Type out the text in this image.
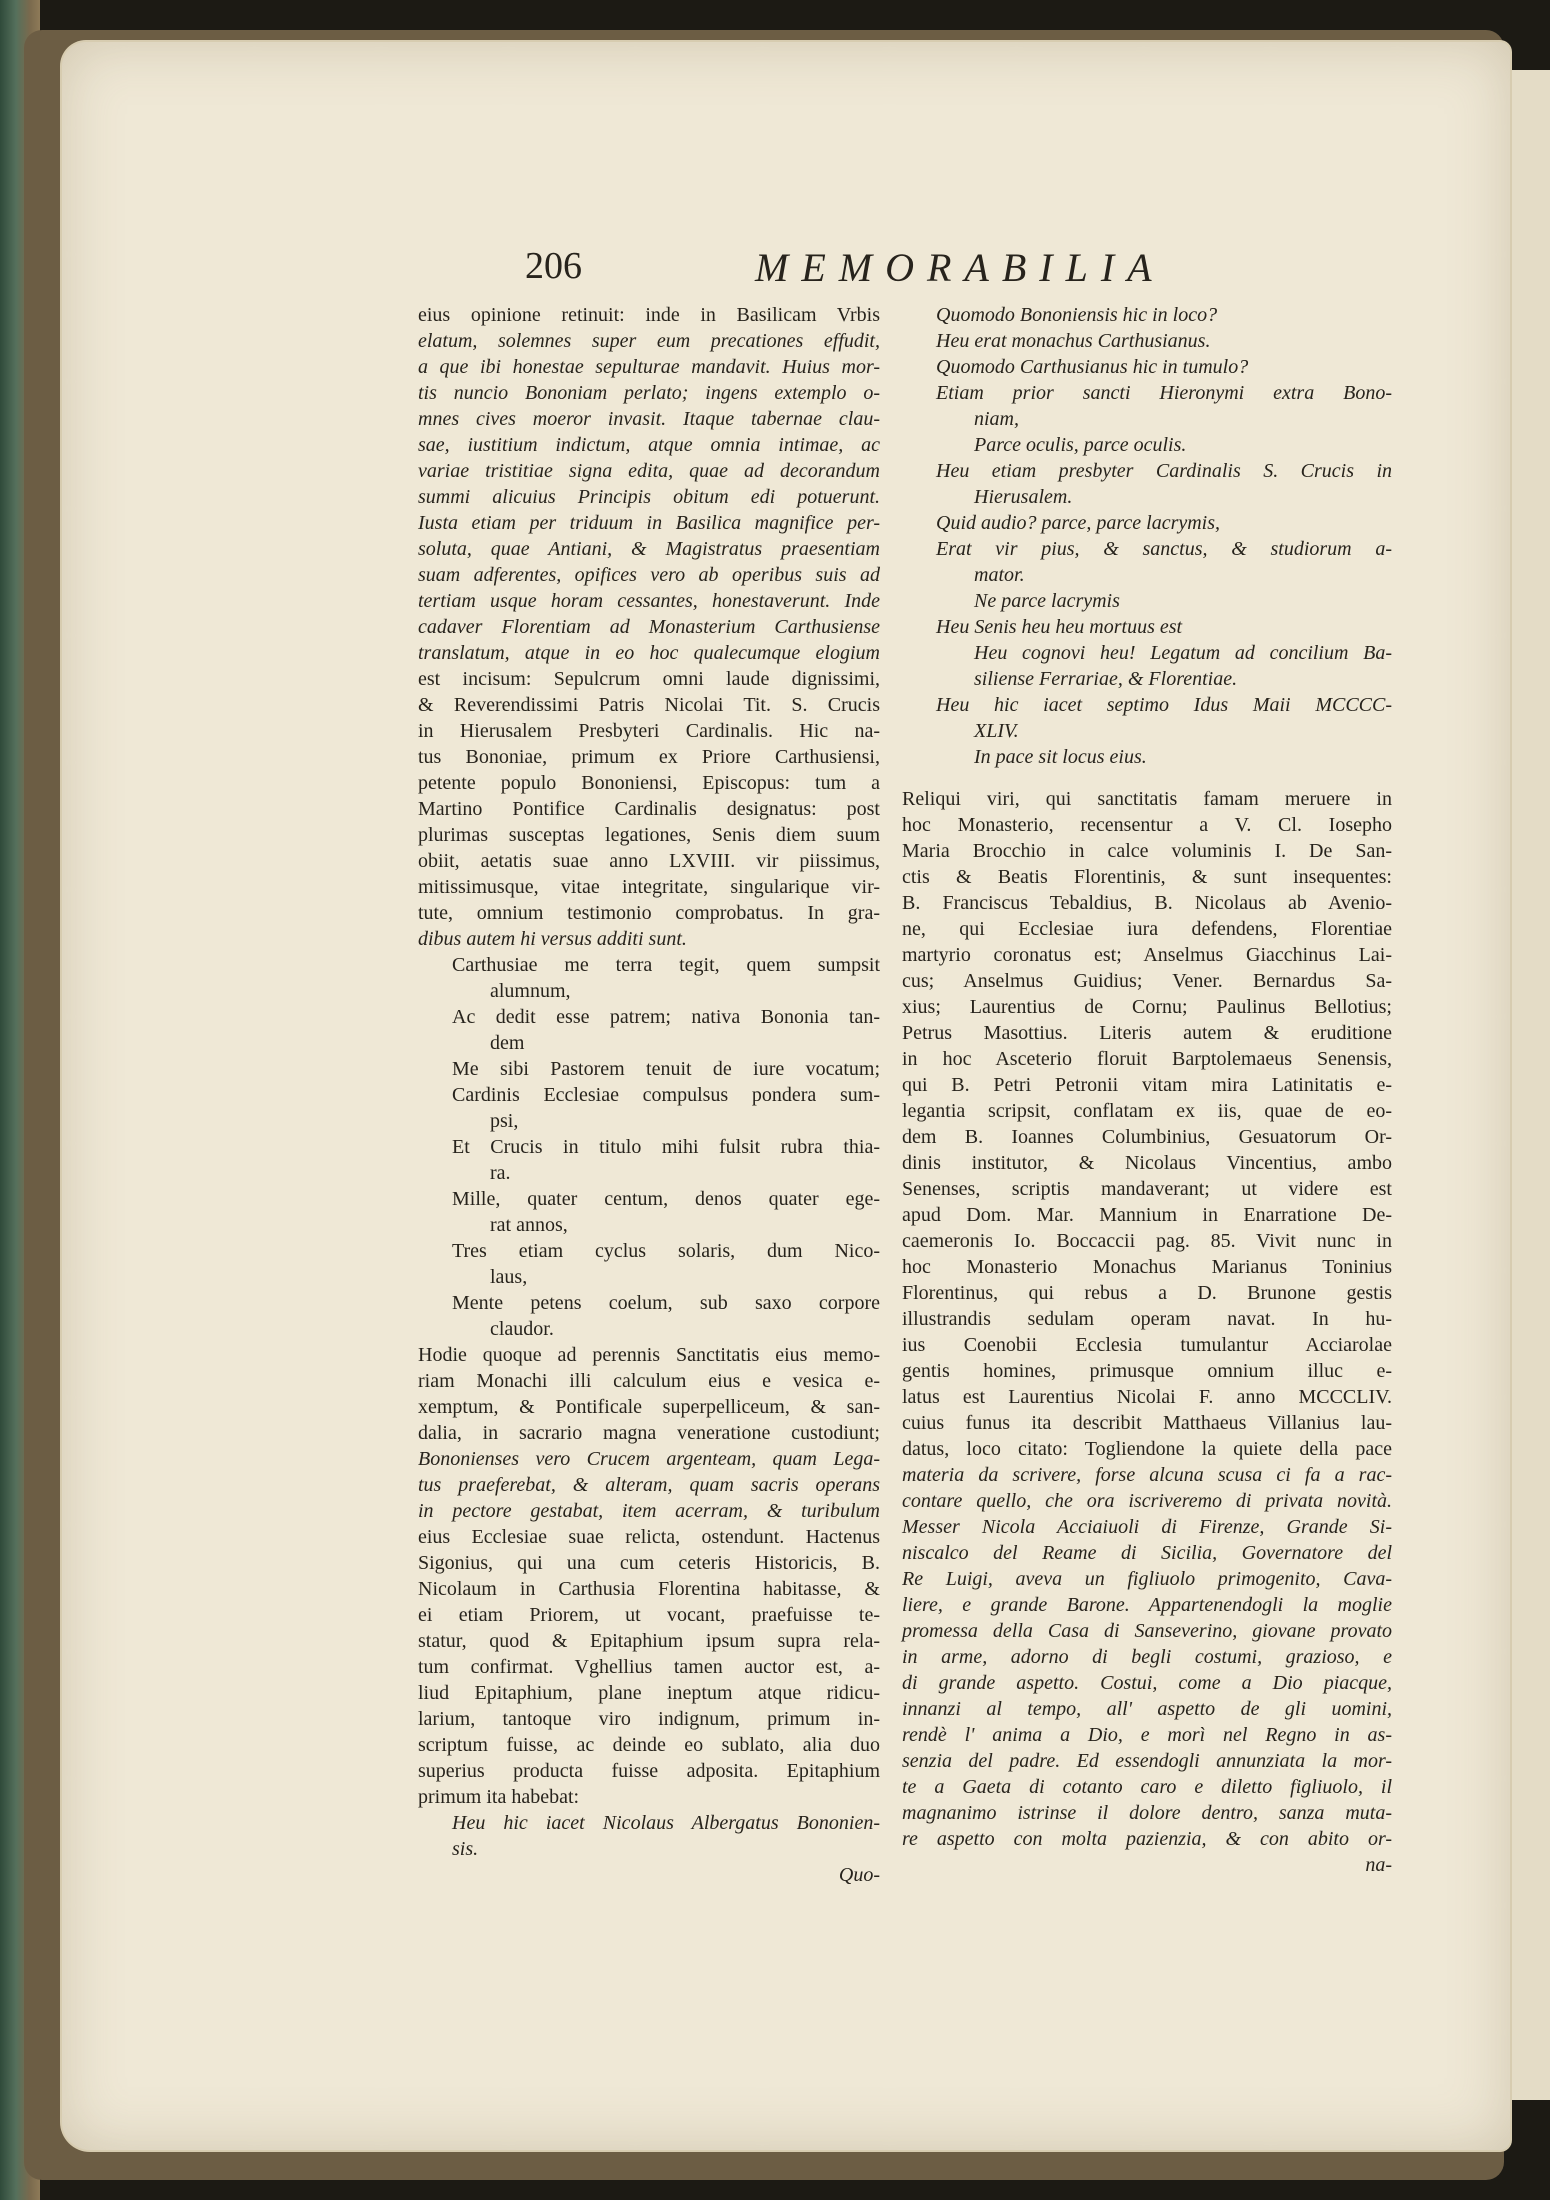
206	MEMORABILIA
eius opinione retinuit: inde in Basilicam Vrbis
elatum, solemnes super eum precationes effudit,
a que ibi honestae sepulturae mandavit. Huius mor-
tis nuncio Bononiam perlato; ingens extemplo o-
mnes cives moeror invasit. Itaque tabernae clau-
sae, iustitium indictum, atque omnia intimae, ac
variae tristitiae signa edita, quae ad decorandum
summi alicuius Principis obitum edi potuerunt.
Iusta etiam per triduum in Basilica magnifice per-
soluta, quae Antiani, & Magistratus praesentiam
suam adferentes, opifices vero ab operibus suis ad
tertiam usque horam cessantes, honestaverunt. Inde
cadaver Florentiam ad Monasterium Carthusiense
translatum, atque in eo hoc qualecumque elogium
est incisum: Sepulcrum omni laude dignissimi,
& Reverendissimi Patris Nicolai Tit. S. Crucis
in Hierusalem Presbyteri Cardinalis. Hic na-
tus Bononiae, primum ex Priore Carthusiensi,
petente populo Bononiensi, Episcopus: tum a
Martino Pontifice Cardinalis designatus: post
plurimas susceptas legationes, Senis diem suum
obiit, aetatis suae anno LXVIII. vir piissimus,
mitissimusque, vitae integritate, singularique vir-
tute, omnium testimonio comprobatus. In gra-
dibus autem hi versus additi sunt.
Carthusiae me terra tegit, quem sumpsit
alumnum,
Ac dedit esse patrem; nativa Bononia tan-
dem
Me sibi Pastorem tenuit de iure vocatum;
Cardinis Ecclesiae compulsus pondera sum-
psi,
Et Crucis in titulo mihi fulsit rubra thia-
ra.
Mille, quater centum, denos quater ege-
rat annos,
Tres etiam cyclus solaris, dum Nico-
laus,
Mente petens coelum, sub saxo corpore
claudor.
Hodie quoque ad perennis Sanctitatis eius memo-
riam Monachi illi calculum eius e vesica e-
xemptum, & Pontificale superpelliceum, & san-
dalia, in sacrario magna veneratione custodiunt;
Bononienses vero Crucem argenteam, quam Lega-
tus praeferebat, & alteram, quam sacris operans
in pectore gestabat, item acerram, & turibulum
eius Ecclesiae suae relicta, ostendunt. Hactenus
Sigonius, qui una cum ceteris Historicis, B.
Nicolaum in Carthusia Florentina habitasse, &
ei etiam Priorem, ut vocant, praefuisse te-
statur, quod & Epitaphium ipsum supra rela-
tum confirmat. Vghellius tamen auctor est, a-
liud Epitaphium, plane ineptum atque ridicu-
larium, tantoque viro indignum, primum in-
scriptum fuisse, ac deinde eo sublato, alia duo
superius producta fuisse adposita. Epitaphium
primum ita habebat:
Heu hic iacet Nicolaus Albergatus Bononien-
sis.
Quo-
Quomodo Bononiensis hic in loco?
Heu erat monachus Carthusianus.
Quomodo Carthusianus hic in tumulo?
Etiam prior sancti Hieronymi extra Bono-
niam,
Parce oculis, parce oculis.
Heu etiam presbyter Cardinalis S. Crucis in
Hierusalem.
Quid audio? parce, parce lacrymis,
Erat vir pius, & sanctus, & studiorum a-
mator.
Ne parce lacrymis
Heu Senis heu heu mortuus est
Heu cognovi heu! Legatum ad concilium Ba-
siliense Ferrariae, & Florentiae.
Heu hic iacet septimo Idus Maii MCCCC-
XLIV.
In pace sit locus eius.
Reliqui viri, qui sanctitatis famam meruere in
hoc Monasterio, recensentur a V. Cl. Iosepho
Maria Brocchio in calce voluminis I. De San-
ctis & Beatis Florentinis, & sunt insequentes:
B. Franciscus Tebaldius, B. Nicolaus ab Avenio-
ne, qui Ecclesiae iura defendens, Florentiae
martyrio coronatus est; Anselmus Giacchinus Lai-
cus; Anselmus Guidius; Vener. Bernardus Sa-
xius; Laurentius de Cornu; Paulinus Bellotius;
Petrus Masottius. Literis autem & eruditione
in hoc Asceterio floruit Barptolemaeus Senensis,
qui B. Petri Petronii vitam mira Latinitatis e-
legantia scripsit, conflatam ex iis, quae de eo-
dem B. Ioannes Columbinius, Gesuatorum Or-
dinis institutor, & Nicolaus Vincentius, ambo
Senenses, scriptis mandaverant; ut videre est
apud Dom. Mar. Mannium in Enarratione De-
caemeronis Io. Boccaccii pag. 85. Vivit nunc in
hoc Monasterio Monachus Marianus Toninius
Florentinus, qui rebus a D. Brunone gestis
illustrandis sedulam operam navat. In hu-
ius Coenobii Ecclesia tumulantur Acciarolae
gentis homines, primusque omnium illuc e-
latus est Laurentius Nicolai F. anno MCCCLIV.
cuius funus ita describit Matthaeus Villanius lau-
datus, loco citato: Togliendone la quiete della pace
materia da scrivere, forse alcuna scusa ci fa a rac-
contare quello, che ora iscriveremo di privata novità.
Messer Nicola Acciaiuoli di Firenze, Grande Si-
niscalco del Reame di Sicilia, Governatore del
Re Luigi, aveva un figliuolo primogenito, Cava-
liere, e grande Barone. Appartenendogli la moglie
promessa della Casa di Sanseverino, giovane provato
in arme, adorno di begli costumi, grazioso, e
di grande aspetto. Costui, come a Dio piacque,
innanzi al tempo, all' aspetto de gli uomini,
rendè l' anima a Dio, e morì nel Regno in as-
senzia del padre. Ed essendogli annunziata la mor-
te a Gaeta di cotanto caro e diletto figliuolo, il
magnanimo istrinse il dolore dentro, sanza muta-
re aspetto con molta pazienzia, & con abito or-
na-
